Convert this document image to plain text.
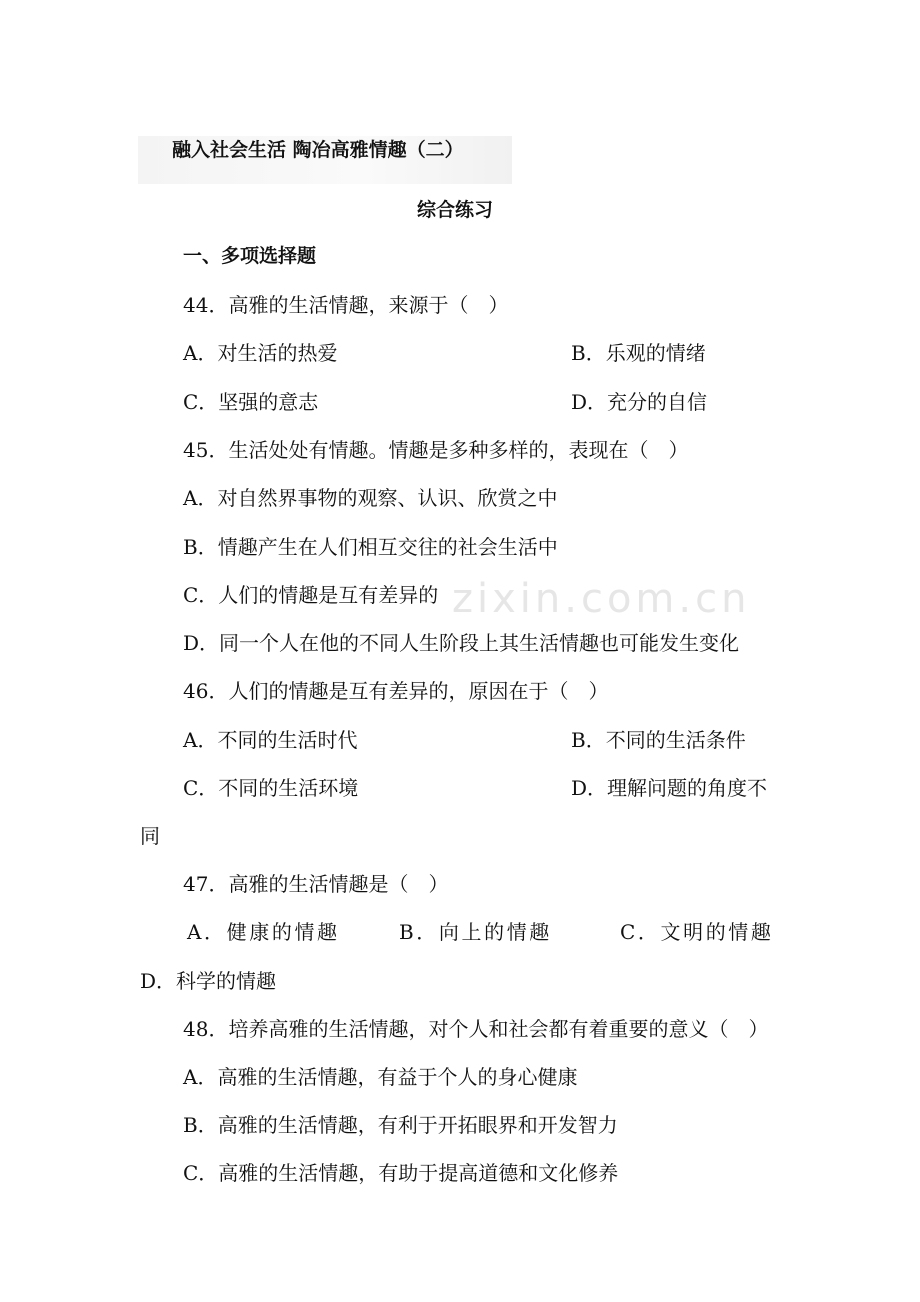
融入社会生活 陶冶高雅情趣（二）
综合练习
一、多项选择题
zixin.com.cn
44．高雅的生活情趣，来源于（　）
A．对生活的热爱	B．乐观的情绪
C．坚强的意志	D．充分的自信
45．生活处处有情趣。情趣是多种多样的，表现在（　）
A．对自然界事物的观察、认识、欣赏之中
B．情趣产生在人们相互交往的社会生活中
C．人们的情趣是互有差异的
D．同一个人在他的不同人生阶段上其生活情趣也可能发生变化
46．人们的情趣是互有差异的，原因在于（　）
A．不同的生活时代	B．不同的生活条件
C．不同的生活环境	D．理解问题的角度不
同
47．高雅的生活情趣是（　）
A．健康的情趣	B．向上的情趣	C．文明的情趣
D．科学的情趣
48．培养高雅的生活情趣，对个人和社会都有着重要的意义（　）
A．高雅的生活情趣，有益于个人的身心健康
B．高雅的生活情趣，有利于开拓眼界和开发智力
C．高雅的生活情趣，有助于提高道德和文化修养
